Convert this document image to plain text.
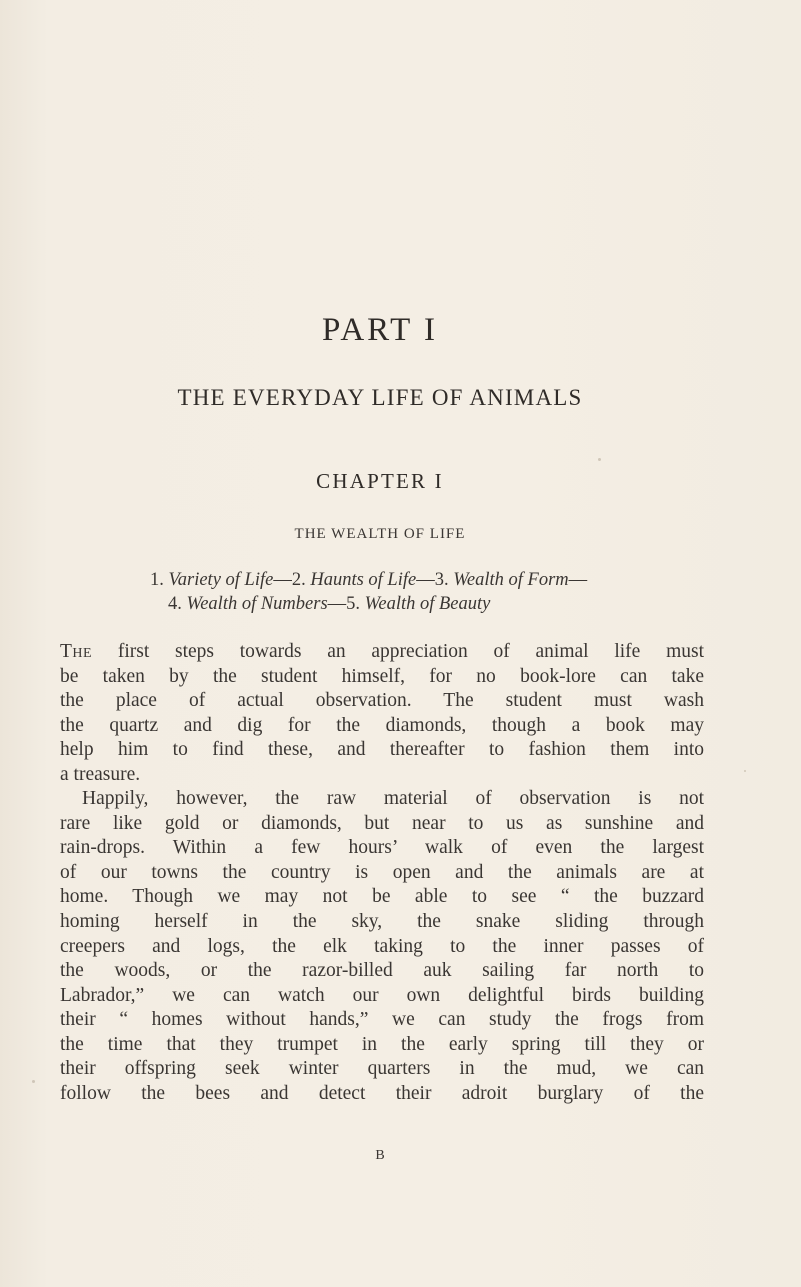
PART I
THE EVERYDAY LIFE OF ANIMALS
CHAPTER I
THE WEALTH OF LIFE
1. Variety of Life—2. Haunts of Life—3. Wealth of Form—
4. Wealth of Numbers—5. Wealth of Beauty

The first steps towards an appreciation of animal life must
be taken by the student himself, for no book-lore can take
the place of actual observation. The student must wash
the quartz and dig for the diamonds, though a book may
help him to find these, and thereafter to fashion them into
a treasure.

Happily, however, the raw material of observation is not
rare like gold or diamonds, but near to us as sunshine and
rain-drops. Within a few hours’ walk of even the largest
of our towns the country is open and the animals are at
home. Though we may not be able to see “ the buzzard
homing herself in the sky, the snake sliding through
creepers and logs, the elk taking to the inner passes of
the woods, or the razor-billed auk sailing far north to
Labrador,” we can watch our own delightful birds building
their “ homes without hands,” we can study the frogs from
the time that they trumpet in the early spring till they or
their offspring seek winter quarters in the mud, we can
follow the bees and detect their adroit burglary of the

B
